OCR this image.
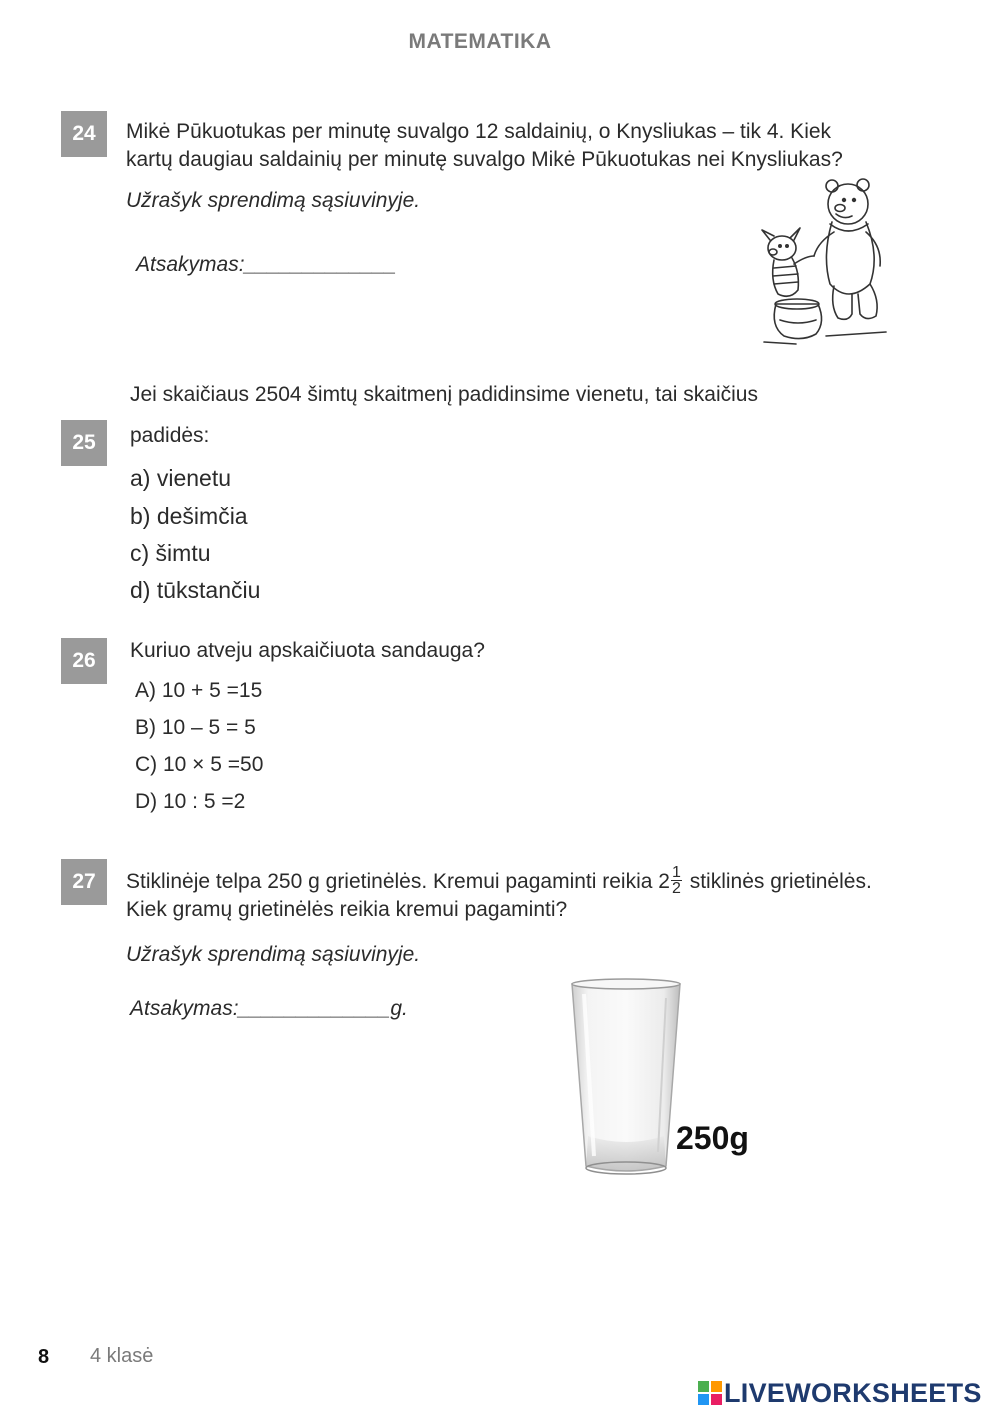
MATEMATIKA
24	Mikė Pūkuotukas per minutę suvalgo 12 saldainių, o Knysliukas – tik 4. Kiek
kartų daugiau saldainių per minutę suvalgo Mikė Pūkuotukas nei Knysliukas?
Užrašyk sprendimą sąsiuvinyje.
Atsakymas:_____________
Jei skaičiaus 2504 šimtų skaitmenį padidinsime vienetu, tai skaičius
25	padidės:
a) vienetu
b) dešimčia
c) šimtu
d) tūkstančiu
26	Kuriuo atveju apskaičiuota sandauga?
A) 10 + 5 =15
B) 10 – 5 = 5
C) 10 × 5 =50
D) 10 : 5 =2
27	Stiklinėje telpa 250 g grietinėlės. Kremui pagaminti reikia $2 \frac{1}{2}$ stiklinės grietinėlės.
Kiek gramų grietinėlės reikia kremui pagaminti?
Užrašyk sprendimą sąsiuvinyje.
Atsakymas:_____________g.
250g
8 4 klasė
LIVEWORKSHEETS
